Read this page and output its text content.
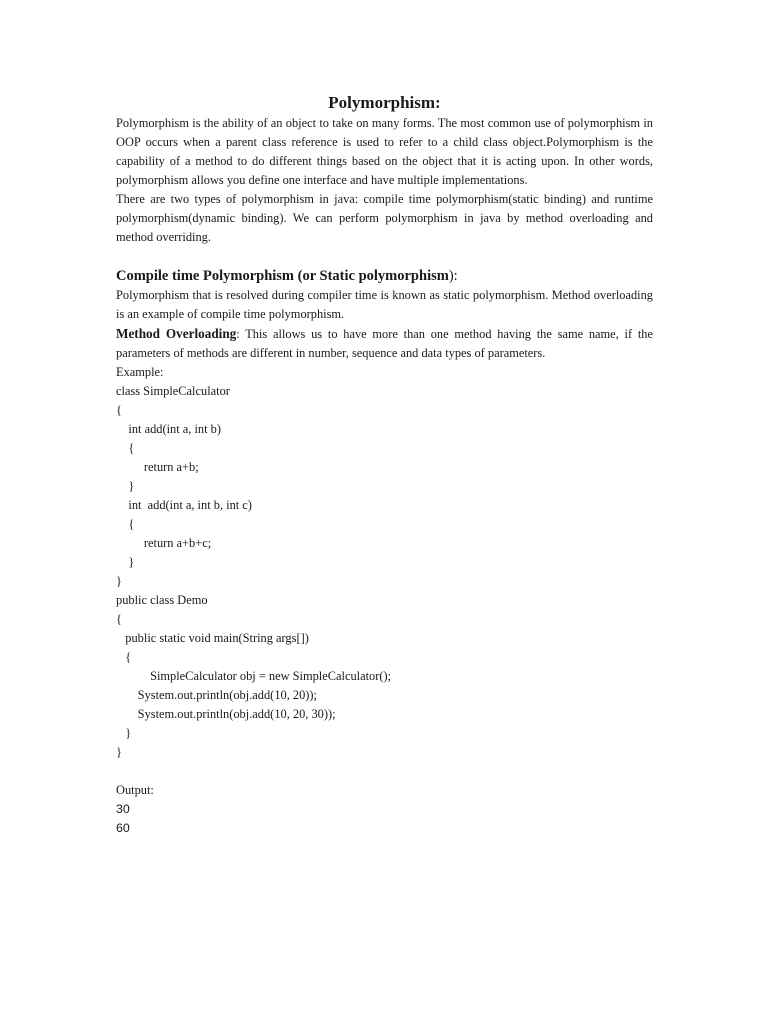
Polymorphism:

Polymorphism is the ability of an object to take on many forms. The most common use of polymorphism in OOP occurs when a parent class reference is used to refer to a child class object.Polymorphism is the capability of a method to do different things based on the object that it is acting upon. In other words, polymorphism allows you define one interface and have multiple implementations.

There are two types of polymorphism in java: compile time polymorphism(static binding) and runtime polymorphism(dynamic binding). We can perform polymorphism in java by method overloading and method overriding.

Compile time Polymorphism (or Static polymorphism):

Polymorphism that is resolved during compiler time is known as static polymorphism. Method overloading is an example of compile time polymorphism.

Method Overloading: This allows us to have more than one method having the same name, if the parameters of methods are different in number, sequence and data types of parameters.

Example:

class SimpleCalculator

{

int add(int a, int b)

{

return a+b;

}

int  add(int a, int b, int c)

{

return a+b+c;

}

}

public class Demo

{

public static void main(String args[])

{

SimpleCalculator obj = new SimpleCalculator();

System.out.println(obj.add(10, 20));

System.out.println(obj.add(10, 20, 30));

}

}

Output:

30

60
